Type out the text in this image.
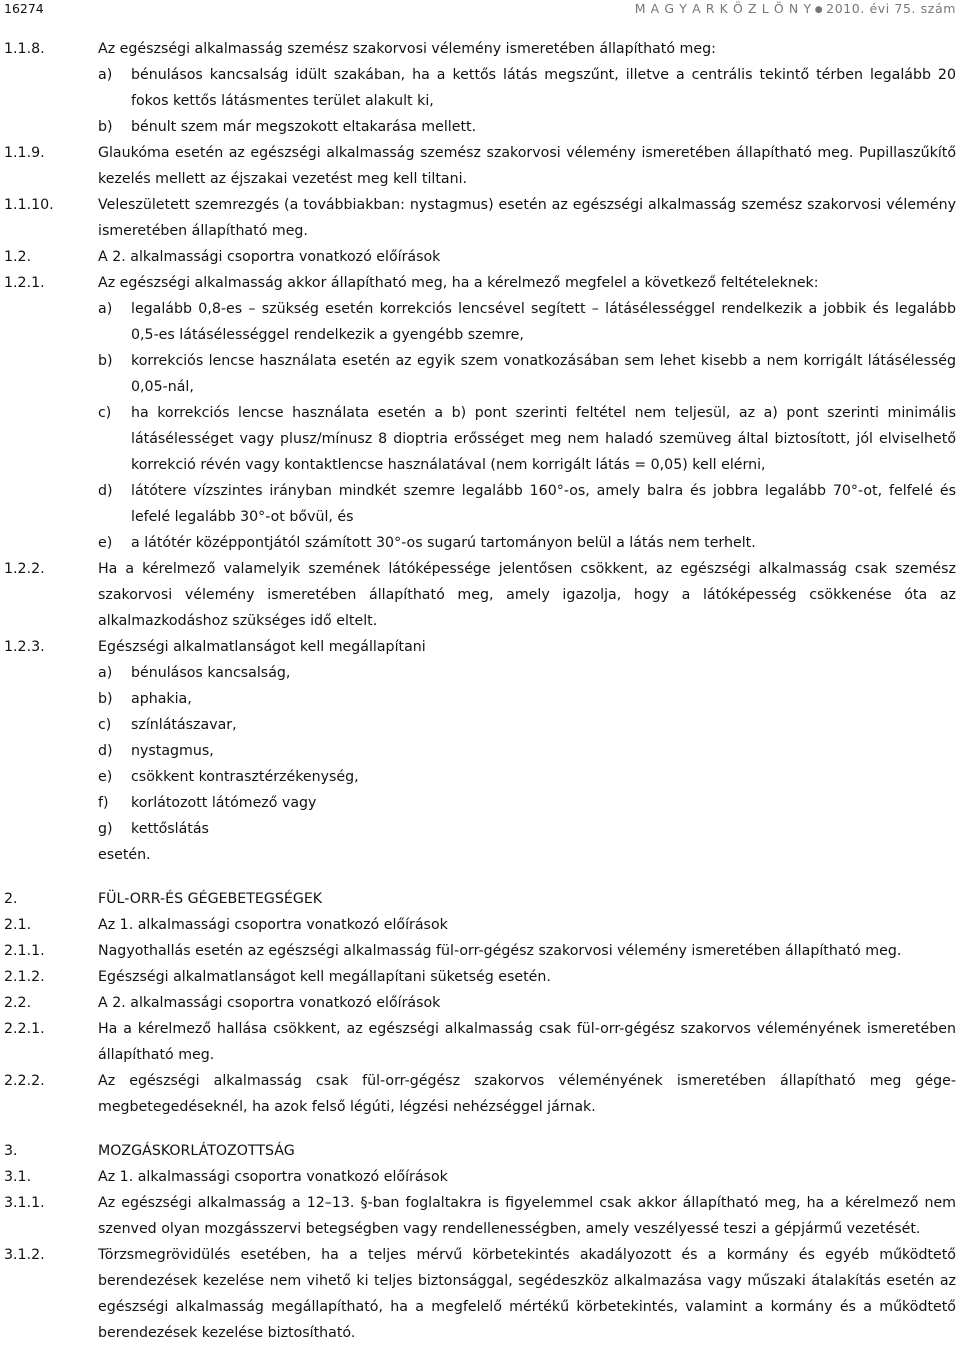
16274	M A G Y A R K Ö Z L Ö N Y ● 2010. évi 75. szám
1.1.8.	Az egészségi alkalmasság szemész szakorvosi vélemény ismeretében állapítható meg:
a) bénulásos kancsalság idült szakában, ha a kettős látás megszűnt, illetve a centrális tekintő térben legalább 20 fokos kettős látásmentes terület alakult ki,
b) bénult szem már megszokott eltakarása mellett.
1.1.9.	Glaukóma esetén az egészségi alkalmasság szemész szakorvosi vélemény ismeretében állapítható meg. Pupillaszűkítő kezelés mellett az éjszakai vezetést meg kell tiltani.
1.1.10.	Veleszületett szemrezgés (a továbbiakban: nystagmus) esetén az egészségi alkalmasság szemész szakorvosi vélemény ismeretében állapítható meg.
1.2.	A 2. alkalmassági csoportra vonatkozó előírások
1.2.1.	Az egészségi alkalmasság akkor állapítható meg, ha a kérelmező megfelel a következő feltételeknek:
a) legalább 0,8-es – szükség esetén korrekciós lencsével segített – látásélességgel rendelkezik a jobbik és legalább 0,5-es látásélességgel rendelkezik a gyengébb szemre,
b) korrekciós lencse használata esetén az egyik szem vonatkozásában sem lehet kisebb a nem korrigált látásélesség 0,05-nál,
c) ha korrekciós lencse használata esetén a b) pont szerinti feltétel nem teljesül, az a) pont szerinti minimális látásélességet vagy plusz/mínusz 8 dioptria erősséget meg nem haladó szemüveg által biztosított, jól elviselhető korrekció révén vagy kontaktlencse használatával (nem korrigált látás = 0,05) kell elérni,
d) látótere vízszintes irányban mindkét szemre legalább 160°-os, amely balra és jobbra legalább 70°-ot, felfelé és lefelé legalább 30°-ot bővül, és
e) a látótér középpontjától számított 30°-os sugarú tartományon belül a látás nem terhelt.
1.2.2.	Ha a kérelmező valamelyik szemének látóképessége jelentősen csökkent, az egészségi alkalmasság csak szemész szakorvosi vélemény ismeretében állapítható meg, amely igazolja, hogy a látóképesség csökkenése óta az alkalmazkodáshoz szükséges idő eltelt.
1.2.3.	Egészségi alkalmatlanságot kell megállapítani
a) bénulásos kancsalság,
b) aphakia,
c) színlátászavar,
d) nystagmus,
e) csökkent kontrasztérzékenység,
f) korlátozott látómező vagy
g) kettőslátás
esetén.
2.	FÜL-ORR-ÉS GÉGEBETEGSÉGEK
2.1.	Az 1. alkalmassági csoportra vonatkozó előírások
2.1.1.	Nagyothallás esetén az egészségi alkalmasság fül-orr-gégész szakorvosi vélemény ismeretében állapítható meg.
2.1.2.	Egészségi alkalmatlanságot kell megállapítani süketség esetén.
2.2.	A 2. alkalmassági csoportra vonatkozó előírások
2.2.1.	Ha a kérelmező hallása csökkent, az egészségi alkalmasság csak fül-orr-gégész szakorvos véleményének ismeretében állapítható meg.
2.2.2.	Az egészségi alkalmasság csak fül-orr-gégész szakorvos véleményének ismeretében állapítható meg gége-megbetegedéseknél, ha azok felső légúti, légzési nehézséggel járnak.
3.	MOZGÁSKORLÁTOZOTTSÁG
3.1.	Az 1. alkalmassági csoportra vonatkozó előírások
3.1.1.	Az egészségi alkalmasság a 12–13. §-ban foglaltakra is figyelemmel csak akkor állapítható meg, ha a kérelmező nem szenved olyan mozgásszervi betegségben vagy rendellenességben, amely veszélyessé teszi a gépjármű vezetését.
3.1.2.	Törzsmegrövidülés esetében, ha a teljes mérvű körbetekintés akadályozott és a kormány és egyéb működtető berendezések kezelése nem vihető ki teljes biztonsággal, segédeszköz alkalmazása vagy műszaki átalakítás esetén az egészségi alkalmasság megállapítható, ha a megfelelő mértékű körbetekintés, valamint a kormány és a működtető berendezések kezelése biztosítható.
